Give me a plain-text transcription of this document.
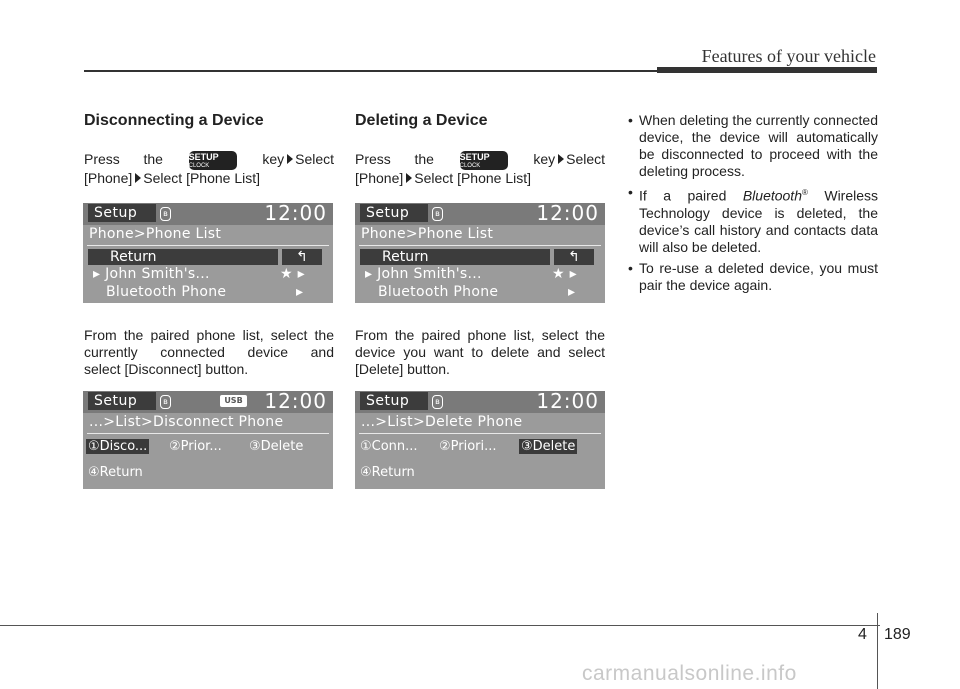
Features of your vehicle
Disconnecting a Device
Press the	SETUP
CLOCK	key Select
[Phone] Select [Phone List]
Setup	ʙ	12:00
Phone>Phone List
Return	↰
▸ John Smith's...	★ ▸
Bluetooth Phone	▸
From the paired phone list, select the
currently connected device and
select [Disconnect] button.
Setup	ʙ	USB 12:00
...>List>Disconnect Phone
①Disco... ②Prior... ③Delete
④Return
Deleting a Device
Press the	SETUP
CLOCK	key Select
[Phone] Select [Phone List]
Setup	ʙ	12:00
Phone>Phone List
Return	↰
▸ John Smith's...	★ ▸
Bluetooth Phone	▸
From the paired phone list, select the
device you want to delete and select
[Delete] button.
Setup	ʙ	12:00
...>List>Delete Phone
①Conn... ②Priori... ③Delete
④Return
• When deleting the currently connected device, the device will automatically be disconnected to proceed with the deleting process.
• If a paired Bluetooth® Wireless Technology device is deleted, the device’s call history and contacts data will also be deleted.
• To re-use a deleted device, you must pair the device again.
4 189
carmanualsonline.info
